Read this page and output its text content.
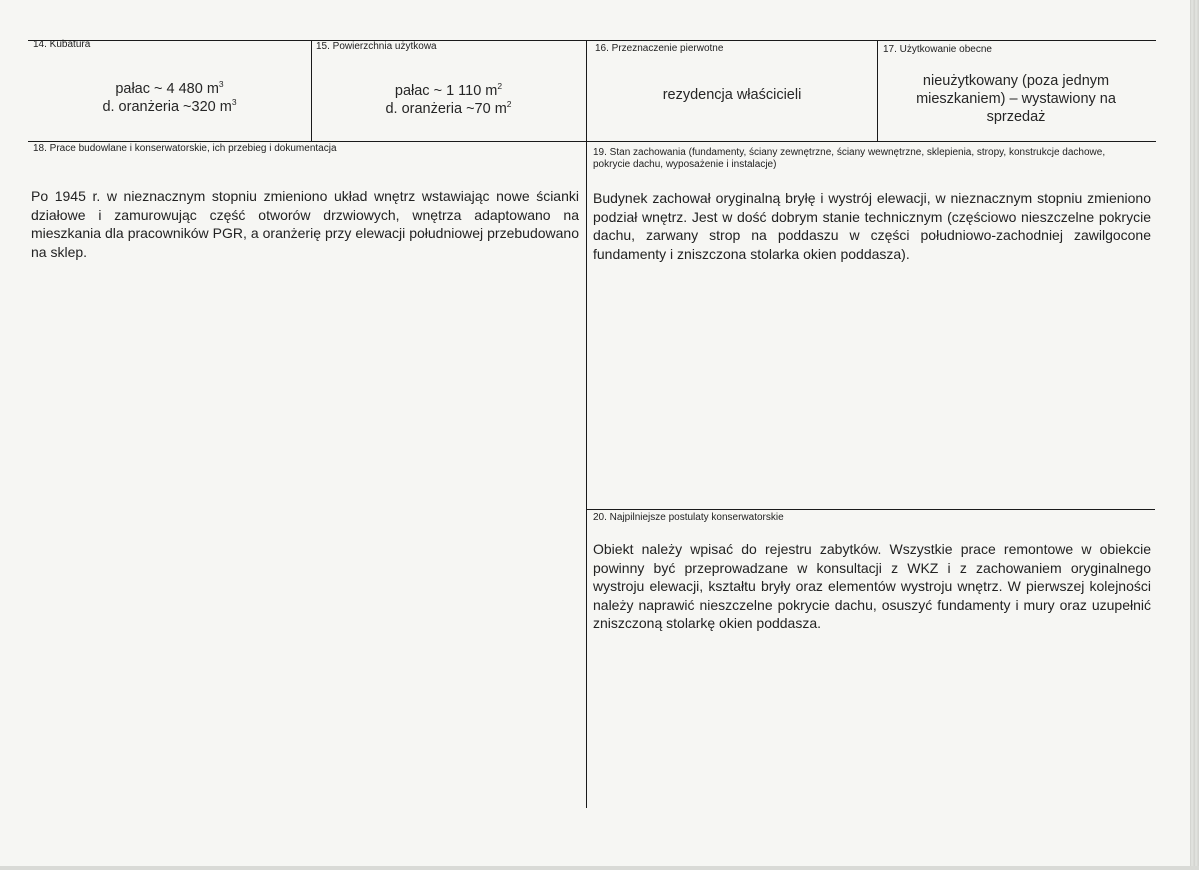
14. Kubatura
pałac ~ 4 480 $m^3$
d. oranżeria ~320 $m^3$
15. Powierzchnia użytkowa
pałac ~ 1 110 $m^2$
d. oranżeria ~70 $m^2$
16. Przeznaczenie pierwotne
rezydencja właścicieli
17. Użytkowanie obecne
nieużytkowany (poza jednym mieszkaniem) – wystawiony na sprzedaż
18. Prace budowlane i konserwatorskie, ich przebieg i dokumentacja
Po 1945 r. w nieznacznym stopniu zmieniono układ wnętrz wstawiając nowe ścianki działowe i zamurowując część otworów drzwiowych, wnętrza adaptowano na mieszkania dla pracowników PGR, a oranżerię przy elewacji południowej przebudowano na sklep.
19. Stan zachowania (fundamenty, ściany zewnętrzne, ściany wewnętrzne, sklepienia, stropy, konstrukcje dachowe, pokrycie dachu, wyposażenie i instalacje)
Budynek zachował oryginalną bryłę i wystrój elewacji, w nieznacznym stopniu zmieniono podział wnętrz. Jest w dość dobrym stanie technicznym (częściowo nieszczelne pokrycie dachu, zarwany strop na poddaszu w części południowo-zachodniej zawilgocone fundamenty i zniszczona stolarka okien poddasza).
20. Najpilniejsze postulaty konserwatorskie
Obiekt należy wpisać do rejestru zabytków. Wszystkie prace remontowe w obiekcie powinny być przeprowadzane w konsultacji z WKZ i z zachowaniem oryginalnego wystroju elewacji, kształtu bryły oraz elementów wystroju wnętrz. W pierwszej kolejności należy naprawić nieszczelne pokrycie dachu, osuszyć fundamenty i mury oraz uzupełnić zniszczoną stolarkę okien poddasza.
